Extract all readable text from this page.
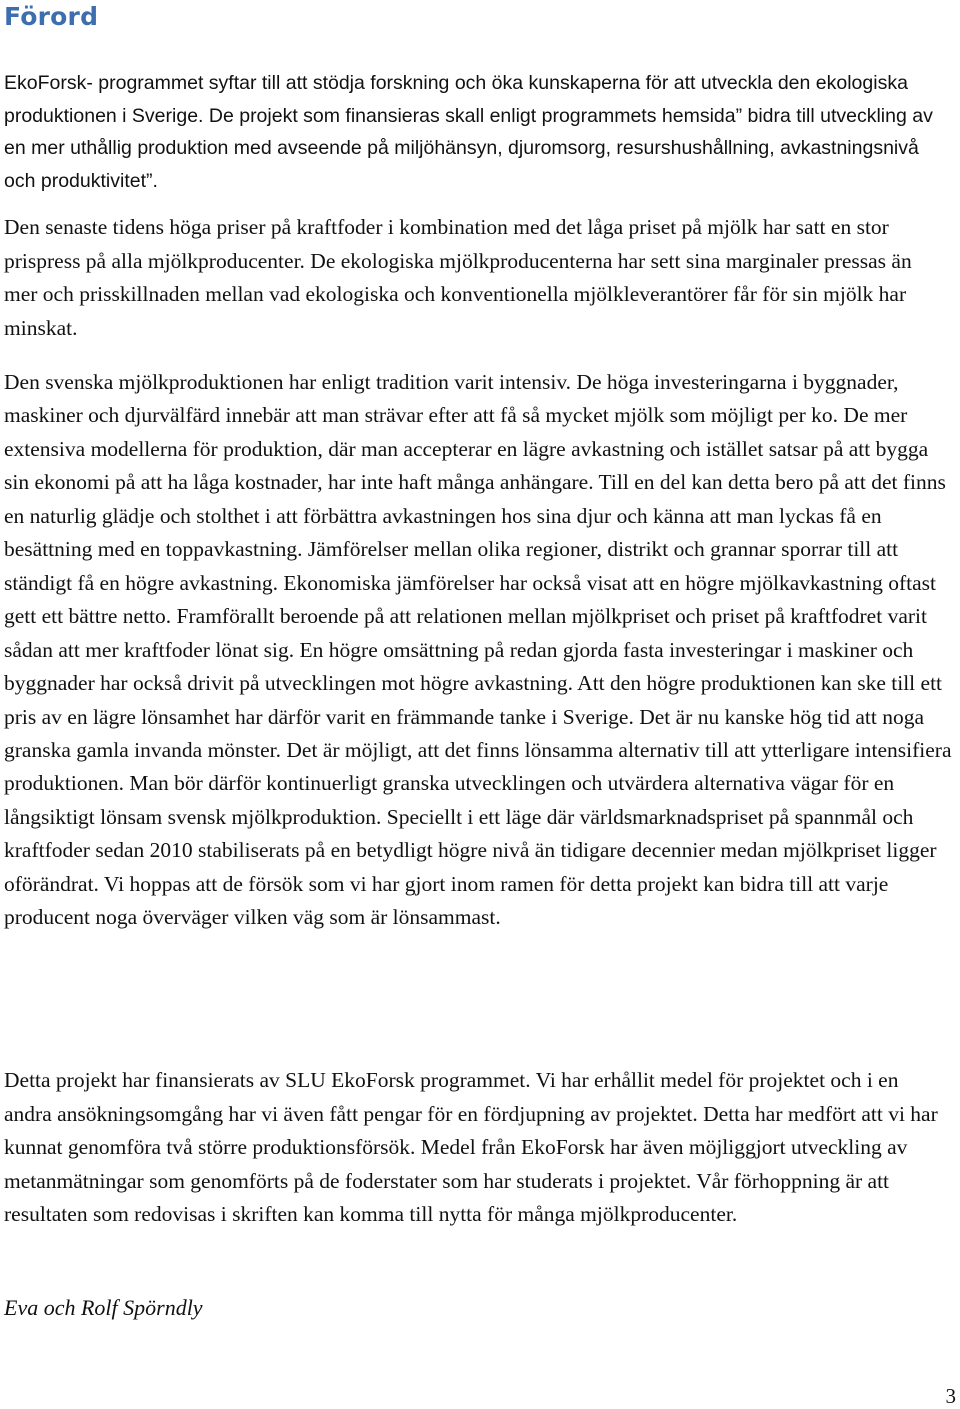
Förord

EkoForsk- programmet syftar till att stödja forskning och öka kunskaperna för att utveckla den ekologiska produktionen i Sverige. De projekt som finansieras skall enligt programmets hemsida” bidra till utveckling av en mer uthållig produktion med avseende på miljöhänsyn, djuromsorg, resurshushållning, avkastningsnivå och produktivitet”.

Den senaste tidens höga priser på kraftfoder i kombination med det låga priset på mjölk har satt en stor prispress på alla mjölkproducenter. De ekologiska mjölkproducenterna har sett sina marginaler pressas än mer och prisskillnaden mellan vad ekologiska och konventionella mjölkleverantörer får för sin mjölk har minskat.

Den svenska mjölkproduktionen har enligt tradition varit intensiv. De höga investeringarna i byggnader, maskiner och djurvälfärd innebär att man strävar efter att få så mycket mjölk som möjligt per ko. De mer extensiva modellerna för produktion, där man accepterar en lägre avkastning och istället satsar på att bygga sin ekonomi på att ha låga kostnader, har inte haft många anhängare. Till en del kan detta bero på att det finns en naturlig glädje och stolthet i att förbättra avkastningen hos sina djur och känna att man lyckas få en besättning med en toppavkastning. Jämförelser mellan olika regioner, distrikt och grannar sporrar till att ständigt få en högre avkastning. Ekonomiska jämförelser har också visat att en högre mjölkavkastning oftast gett ett bättre netto. Framförallt beroende på att relationen mellan mjölkpriset och priset på kraftfodret varit sådan att mer kraftfoder lönat sig. En högre omsättning på redan gjorda fasta investeringar i maskiner och byggnader har också drivit på utvecklingen mot högre avkastning. Att den högre produktionen kan ske till ett pris av en lägre lönsamhet har därför varit en främmande tanke i Sverige. Det är nu kanske hög tid att noga granska gamla invanda mönster. Det är möjligt, att det finns lönsamma alternativ till att ytterligare intensifiera produktionen. Man bör därför kontinuerligt granska utvecklingen och utvärdera alternativa vägar för en långsiktigt lönsam svensk mjölkproduktion. Speciellt i ett läge där världsmarknadspriset på spannmål och kraftfoder sedan 2010 stabiliserats på en betydligt högre nivå än tidigare decennier medan mjölkpriset ligger oförändrat. Vi hoppas att de försök som vi har gjort inom ramen för detta projekt kan bidra till att varje producent noga överväger vilken väg som är lönsammast.

Detta projekt har finansierats av SLU EkoForsk programmet. Vi har erhållit medel för projektet och i en andra ansökningsomgång har vi även fått pengar för en fördjupning av projektet. Detta har medfört att vi har kunnat genomföra två större produktionsförsök. Medel från EkoForsk har även möjliggjort utveckling av metanmätningar som genomförts på de foderstater som har studerats i projektet. Vår förhoppning är att resultaten som redovisas i skriften kan komma till nytta för många mjölkproducenter.

Eva och Rolf Spörndly

3
